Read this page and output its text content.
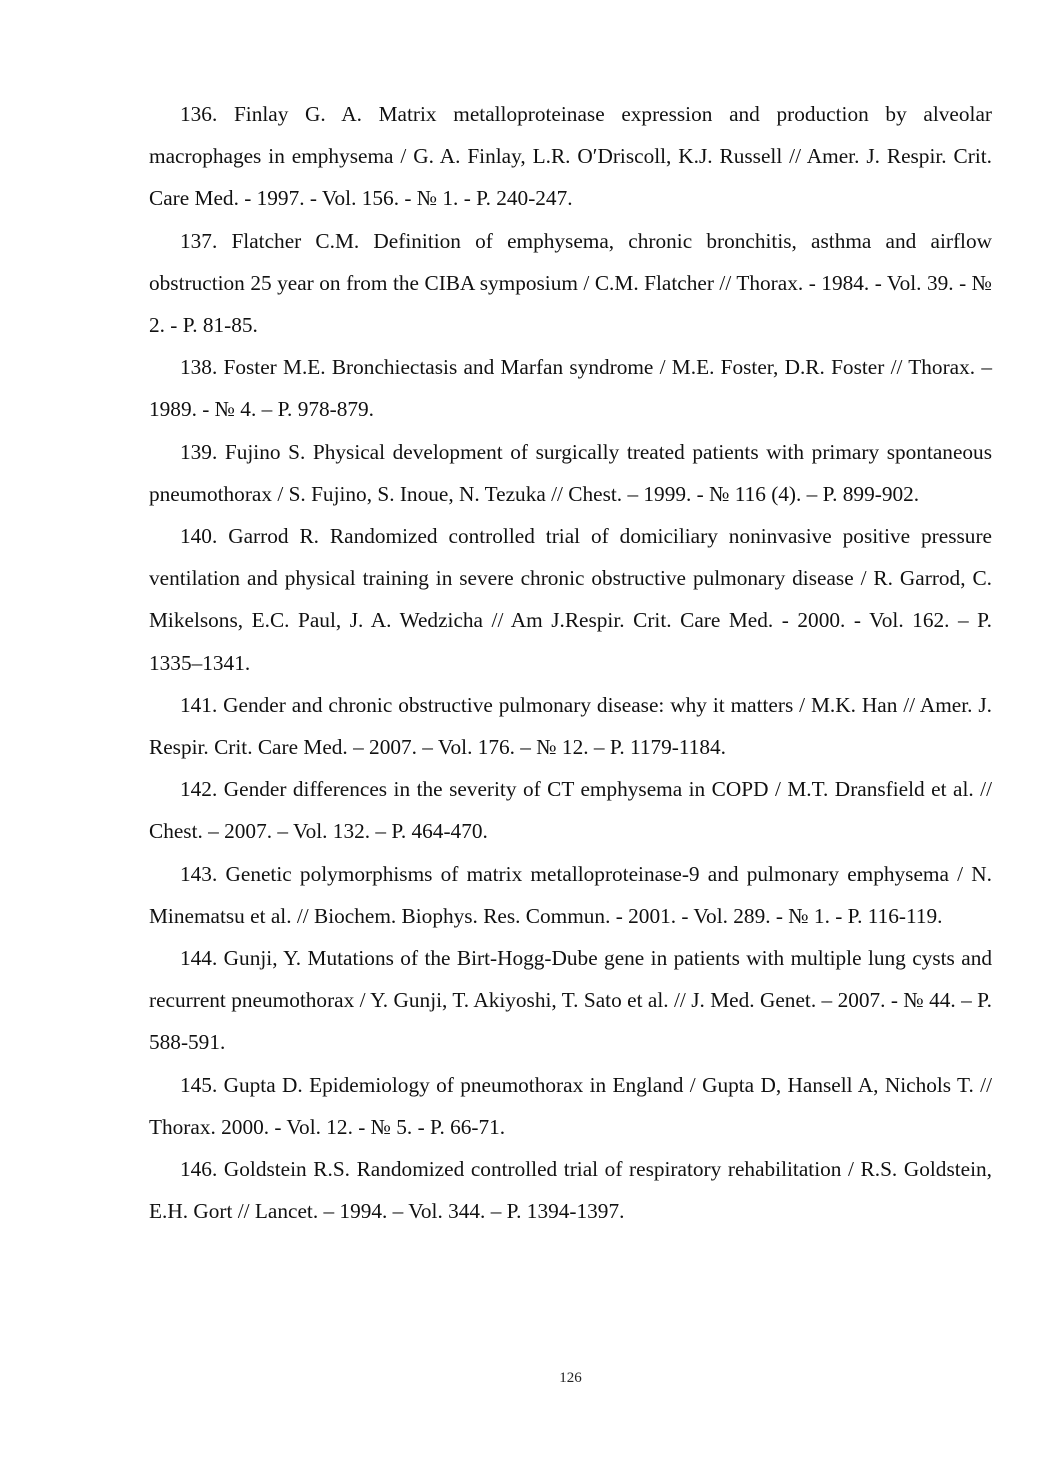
136. Finlay G. A. Matrix metalloproteinase expression and production by alveolar macrophages in emphysema / G. A. Finlay, L.R. O′Driscoll, K.J. Russell // Amer. J. Respir. Crit. Care Med. - 1997. - Vol. 156. - № 1. - P. 240-247.

137. Flatcher C.M. Definition of emphysema, chronic bronchitis, asthma and airflow obstruction 25 year on from the CIBA symposium / C.M. Flatcher // Thorax. - 1984. - Vol. 39. - № 2. - P. 81-85.

138. Foster M.E. Bronchiectasis and Marfan syndrome / M.E. Foster, D.R. Foster // Thorax. – 1989. - № 4. – P. 978-879.

139. Fujino S. Physical development of surgically treated patients with primary spontaneous pneumothorax / S. Fujino, S. Inoue, N. Tezuka // Chest. – 1999. - № 116 (4). – P. 899-902.

140. Garrod R. Randomized controlled trial of domiciliary noninvasive positive pressure ventilation and physical training in severe chronic obstructive pulmonary disease / R. Garrod, C. Mikelsons, E.C. Paul, J. A. Wedzicha // Am J.Respir. Crit. Care Med. - 2000. - Vol. 162. – P. 1335–1341.

141. Gender and chronic obstructive pulmonary disease: why it matters / M.K. Han // Amer. J. Respir. Crit. Care Med. – 2007. – Vol. 176. – № 12. – P. 1179-1184.

142. Gender differences in the severity of CT emphysema in COPD / M.T. Dransfield et al. // Chest. – 2007. – Vol. 132. – P. 464-470.

143. Genetic polymorphisms of matrix metalloproteinase-9 and pulmonary emphysema / N. Minematsu et al. // Biochem. Biophys. Res. Commun. - 2001. - Vol. 289. - № 1. - P. 116-119.

144. Gunji, Y. Mutations of the Birt-Hogg-Dube gene in patients with multiple lung cysts and recurrent pneumothorax / Y. Gunji, T. Akiyoshi, T. Sato et al. // J. Med. Genet. – 2007. - № 44. – P. 588-591.

145. Gupta D. Epidemiology of pneumothorax in England / Gupta D, Hansell A, Nichols T. // Thorax. 2000. - Vol. 12. - № 5. - P. 66-71.

146. Goldstein R.S. Randomized controlled trial of respiratory rehabilitation / R.S. Goldstein, E.H. Gort // Lancet. – 1994. – Vol. 344. – P. 1394-1397.

126
